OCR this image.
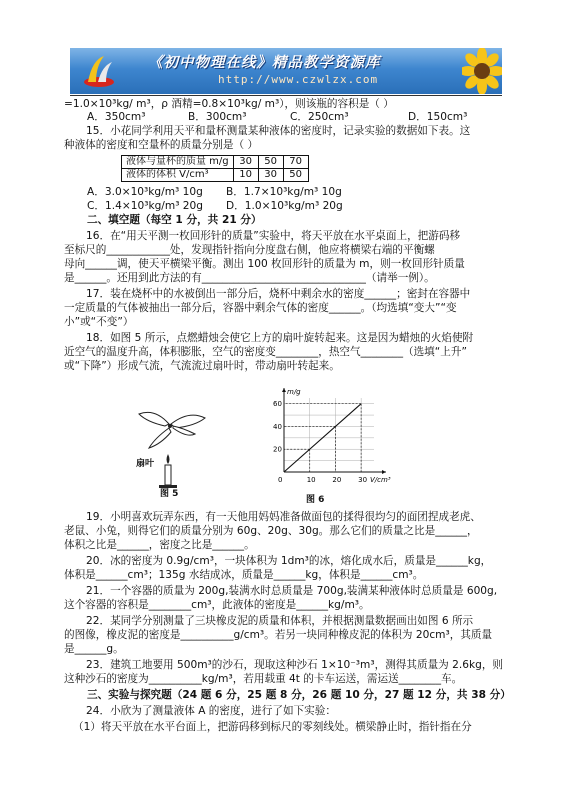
《初中物理在线》精品教学资源库
http://www.czwlzx.com
=1.0×10³kg/ m³，ρ 酒精=0.8×10³kg/ m³），则该瓶的容积是（ ）
A．350cm³	B．300cm³	C．250cm³	D．150cm³
15．小花同学利用天平和量杯测量某种液体的密度时，记录实验的数据如下表。这
种液体的密度和空量杯的质量分别是（ ）
A．3.0×10³kg/m³ 10g B．1.7×10³kg/m³ 10g
C．1.4×10³kg/m³ 20g D．1.0×10³kg/m³ 20g
二、填空题（每空 1 分，共 21 分）
16．在“用天平测一枚回形针的质量”实验中，将天平放在水平桌面上，把游码移
至标尺的____________处，发现指针指向分度盘右侧，他应将横梁右端的平衡螺
母向______调，使天平横梁平衡。测出 100 枚回形针的质量为 m，则一枚回形针质量
是______。还用到此方法的有_______________________________（请举一例）。
17．装在烧杯中的水被倒出一部分后，烧杯中剩余水的密度______；密封在容器中
一定质量的气体被抽出一部分后，容器中剩余气体的密度______。（均选填“变大”“变
小”或“不变”）
18．如图 5 所示，点燃蜡烛会使它上方的扇叶旋转起来。这是因为蜡烛的火焰使附
近空气的温度升高，体积膨胀，空气的密度变________，热空气________（选填“上升”
或“下降”）形成气流，气流流过扇叶时，带动扇叶转起来。
19．小明喜欢玩弄东西，有一天他用妈妈准备做面包的揉得很均匀的面团捏成老虎、
老鼠、小兔，则得它们的质量分别为 60g、20g、30g。那么它们的质量之比是______，
体积之比是______，密度之比是______。
20．冰的密度为 0.9g/cm³，一块体积为 1dm³的冰，熔化成水后，质量是______kg，
体积是______cm³；135g 水结成冰，质量是______kg，体积是______cm³。
21．一个容器的质量为 200g,装满水时总质量是 700g,装满某种液体时总质量是 600g,
这个容器的容积是________cm³，此液体的密度是______kg/m³。
22．某同学分别测量了三块橡皮泥的质量和体积，并根据测量数据画出如图 6 所示
的图像，橡皮泥的密度是__________g/cm³。若另一块同种橡皮泥的体积为 20cm³，其质量
是______g。
23．建筑工地要用 500m³的沙石，现取这种沙石 1×10⁻³m³，测得其质量为 2.6kg，则
这种沙石的密度为__________kg/m³，若用载重 4t 的卡车运送，需运送________车。
三、实验与探究题（24 题 6 分，25 题 8 分，26 题 10 分，27 题 12 分，共 38 分）
24．小欣为了测量液体 A 的密度，进行了如下实验：
（1）将天平放在水平台面上，把游码移到标尺的零刻线处。横梁静止时，指针指在分
液体与量杯的质量 m/g	30	50	70
液体的体积 V/cm³	10	30	50
扇叶
图 5
0	10 20 30
20
40
60
V/cm³
m/g
图 6
